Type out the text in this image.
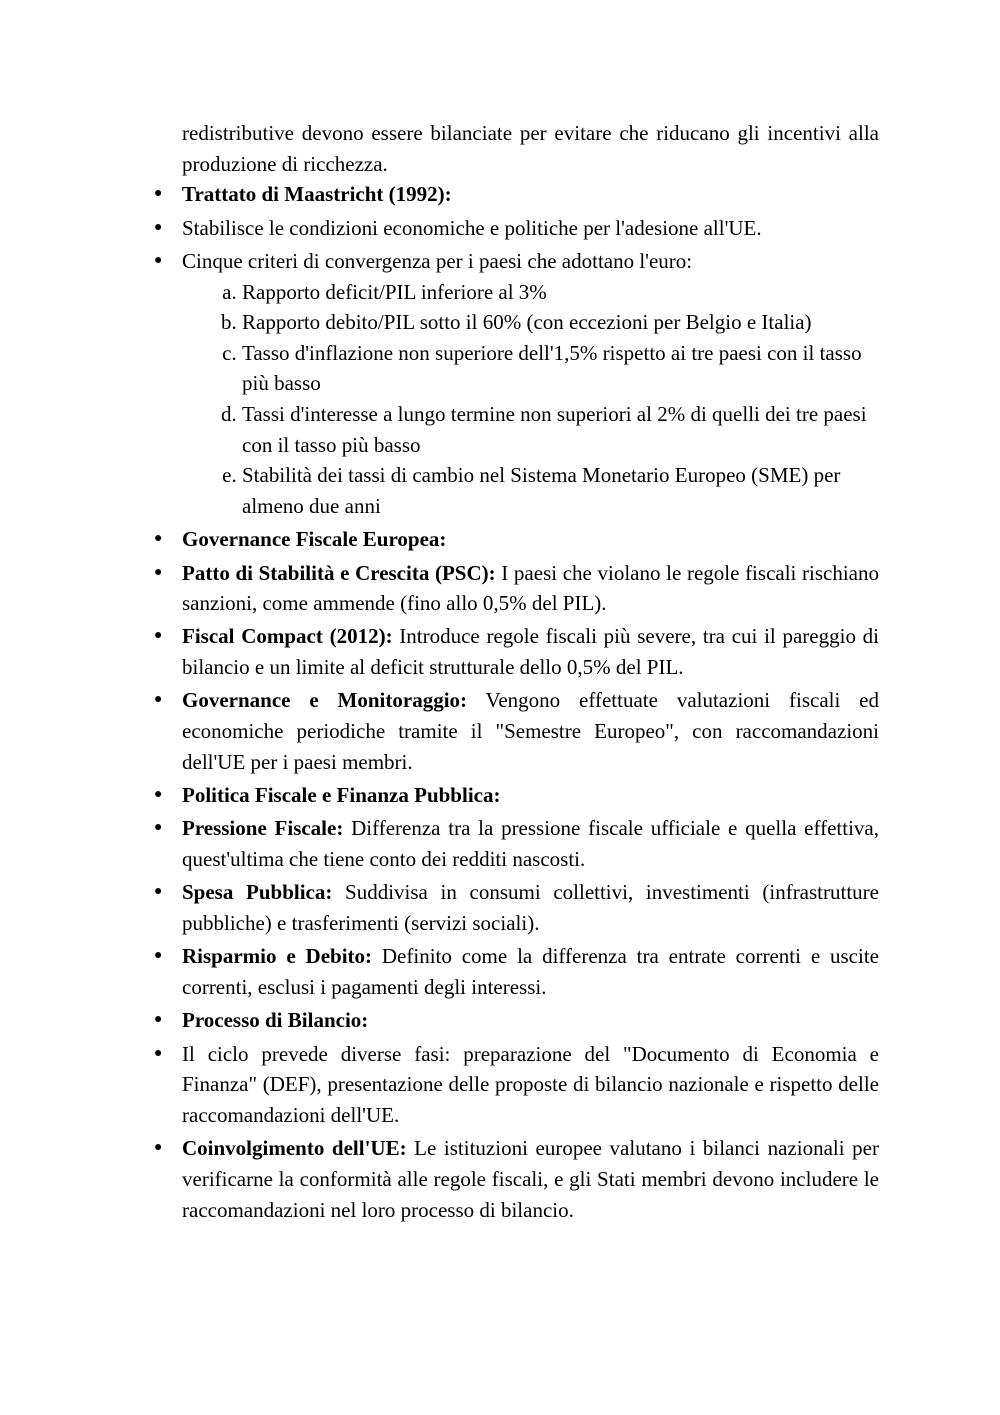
redistributive devono essere bilanciate per evitare che riducano gli incentivi alla produzione di ricchezza.

●
Trattato di Maastricht (1992):
●
Stabilisce le condizioni economiche e politiche per l'adesione all'UE.
●
Cinque criteri di convergenza per i paesi che adottano l'euro:
a. Rapporto deficit/PIL inferiore al 3%
b. Rapporto debito/PIL sotto il 60% (con eccezioni per Belgio e Italia)
c. Tasso d'inflazione non superiore dell'1,5% rispetto ai tre paesi con il tasso più basso
d. Tassi d'interesse a lungo termine non superiori al 2% di quelli dei tre paesi con il tasso più basso
e. Stabilità dei tassi di cambio nel Sistema Monetario Europeo (SME) per almeno due anni
●
Governance Fiscale Europea:
●
Patto di Stabilità e Crescita (PSC): I paesi che violano le regole fiscali rischiano sanzioni, come ammende (fino allo 0,5% del PIL).
●
Fiscal Compact (2012): Introduce regole fiscali più severe, tra cui il pareggio di bilancio e un limite al deficit strutturale dello 0,5% del PIL.
●
Governance e Monitoraggio: Vengono effettuate valutazioni fiscali ed economiche periodiche tramite il "Semestre Europeo", con raccomandazioni dell'UE per i paesi membri.
●
Politica Fiscale e Finanza Pubblica:
●
Pressione Fiscale: Differenza tra la pressione fiscale ufficiale e quella effettiva, quest'ultima che tiene conto dei redditi nascosti.
●
Spesa Pubblica: Suddivisa in consumi collettivi, investimenti (infrastrutture pubbliche) e trasferimenti (servizi sociali).
●
Risparmio e Debito: Definito come la differenza tra entrate correnti e uscite correnti, esclusi i pagamenti degli interessi.
●
Processo di Bilancio:
●
Il ciclo prevede diverse fasi: preparazione del "Documento di Economia e Finanza" (DEF), presentazione delle proposte di bilancio nazionale e rispetto delle raccomandazioni dell'UE.
●
Coinvolgimento dell'UE: Le istituzioni europee valutano i bilanci nazionali per verificarne la conformità alle regole fiscali, e gli Stati membri devono includere le raccomandazioni nel loro processo di bilancio.
